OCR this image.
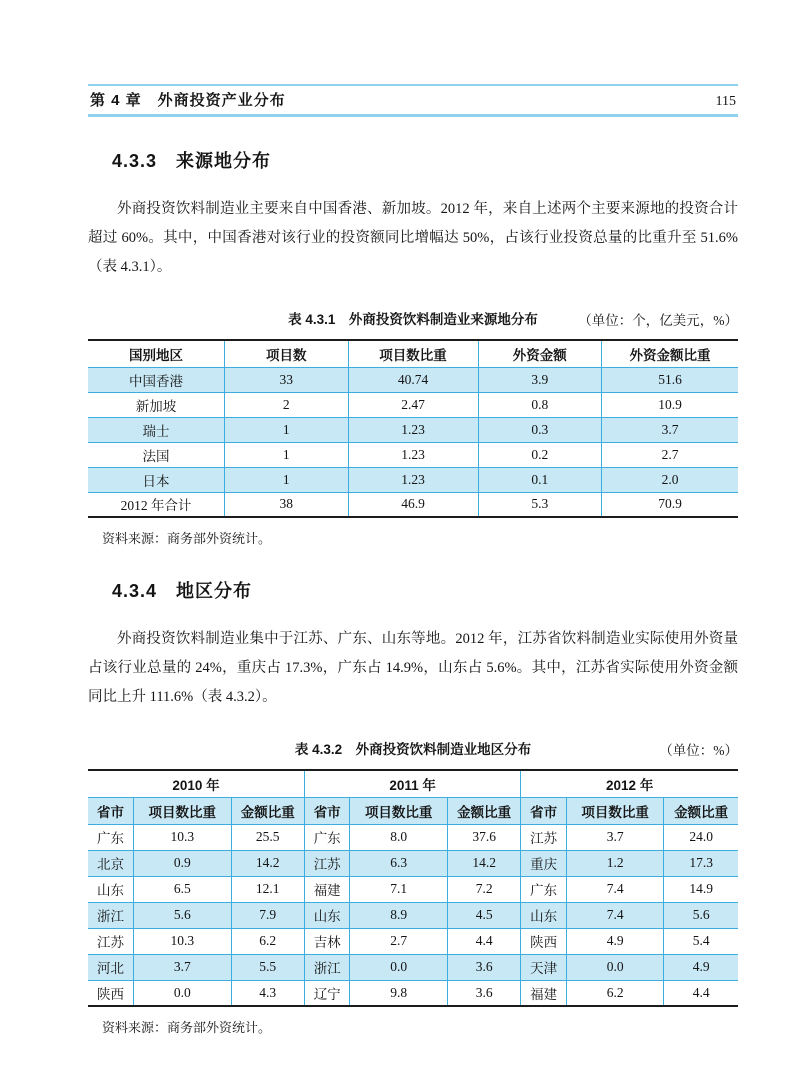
第 4 章　外商投资产业分布	115
4.3.3　来源地分布

外商投资饮料制造业主要来自中国香港、新加坡。2012 年，来自上述两个主要来源地的投资合计超过 60%。其中，中国香港对该行业的投资额同比增幅达 50%，占该行业投资总量的比重升至 51.6%（表 4.3.1）。

表 4.3.1　外商投资饮料制造业来源地分布	（单位：个，亿美元，%）
国别地区	项目数	项目数比重	外资金额	外资金额比重
中国香港	33	40.74	3.9	51.6
新加坡	2	2.47	0.8	10.9
瑞士	1	1.23	0.3	3.7
法国	1	1.23	0.2	2.7
日本	1	1.23	0.1	2.0
2012 年合计	38	46.9	5.3	70.9
资料来源：商务部外资统计。
4.3.4　地区分布

外商投资饮料制造业集中于江苏、广东、山东等地。2012 年，江苏省饮料制造业实际使用外资量占该行业总量的 24%，重庆占 17.3%，广东占 14.9%，山东占 5.6%。其中，江苏省实际使用外资金额同比上升 111.6%（表 4.3.2）。

表 4.3.2　外商投资饮料制造业地区分布	（单位：%）
2010 年			2011 年			2012 年		
省市	项目数比重	金额比重	省市	项目数比重	金额比重	省市	项目数比重	金额比重
广东	10.3	25.5	广东	8.0	37.6	江苏	3.7	24.0
北京	0.9	14.2	江苏	6.3	14.2	重庆	1.2	17.3
山东	6.5	12.1	福建	7.1	7.2	广东	7.4	14.9
浙江	5.6	7.9	山东	8.9	4.5	山东	7.4	5.6
江苏	10.3	6.2	吉林	2.7	4.4	陕西	4.9	5.4
河北	3.7	5.5	浙江	0.0	3.6	天津	0.0	4.9
陕西	0.0	4.3	辽宁	9.8	3.6	福建	6.2	4.4
资料来源：商务部外资统计。
